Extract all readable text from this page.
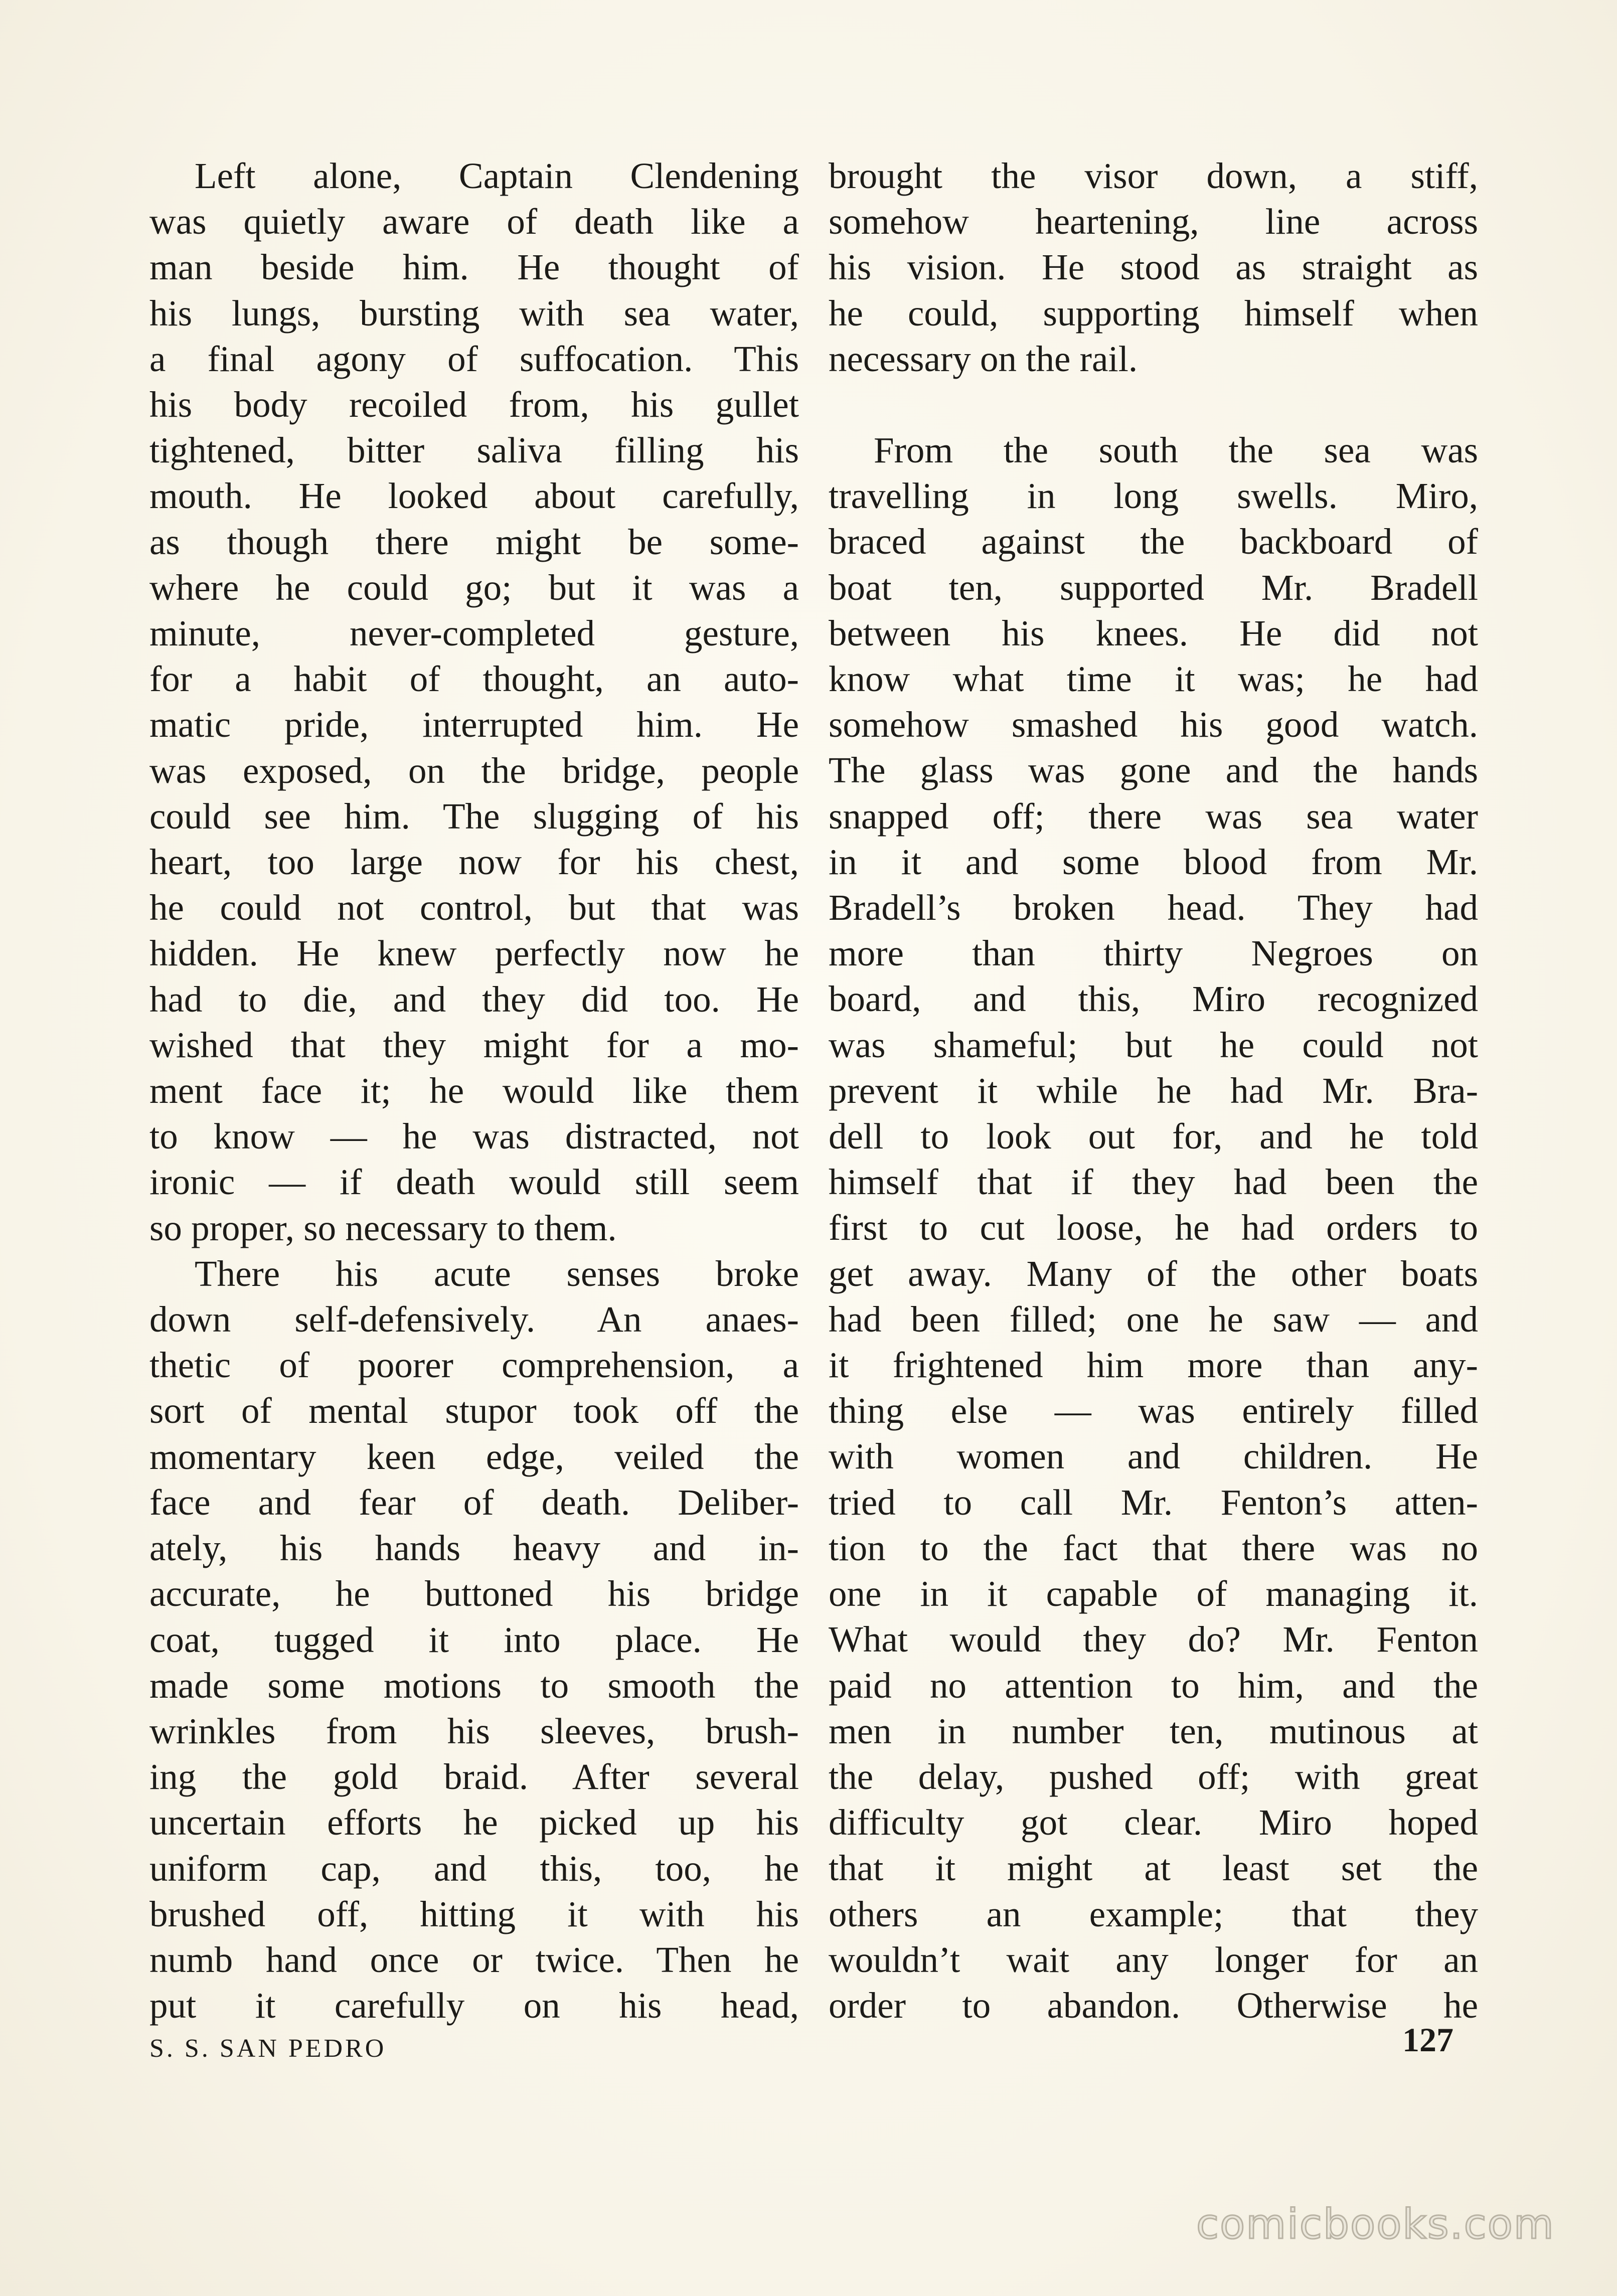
Left alone, Captain Clendening
was quietly aware of death like a
man beside him. He thought of
his lungs, bursting with sea water,
a final agony of suffocation. This
his body recoiled from, his gullet
tightened, bitter saliva filling his
mouth. He looked about carefully,
as though there might be some-
where he could go; but it was a
minute, never-completed gesture,
for a habit of thought, an auto-
matic pride, interrupted him. He
was exposed, on the bridge, people
could see him. The slugging of his
heart, too large now for his chest,
he could not control, but that was
hidden. He knew perfectly now he
had to die, and they did too. He
wished that they might for a mo-
ment face it; he would like them
to know — he was distracted, not
ironic — if death would still seem
so proper, so necessary to them.
There his acute senses broke
down self-defensively. An anaes-
thetic of poorer comprehension, a
sort of mental stupor took off the
momentary keen edge, veiled the
face and fear of death. Deliber-
ately, his hands heavy and in-
accurate, he buttoned his bridge
coat, tugged it into place. He
made some motions to smooth the
wrinkles from his sleeves, brush-
ing the gold braid. After several
uncertain efforts he picked up his
uniform cap, and this, too, he
brushed off, hitting it with his
numb hand once or twice. Then he
put it carefully on his head,

brought the visor down, a stiff,
somehow heartening, line across
his vision. He stood as straight as
he could, supporting himself when
necessary on the rail.

From the south the sea was
travelling in long swells. Miro,
braced against the backboard of
boat ten, supported Mr. Bradell
between his knees. He did not
know what time it was; he had
somehow smashed his good watch.
The glass was gone and the hands
snapped off; there was sea water
in it and some blood from Mr.
Bradell’s broken head. They had
more than thirty Negroes on
board, and this, Miro recognized
was shameful; but he could not
prevent it while he had Mr. Bra-
dell to look out for, and he told
himself that if they had been the
first to cut loose, he had orders to
get away. Many of the other boats
had been filled; one he saw — and
it frightened him more than any-
thing else — was entirely filled
with women and children. He
tried to call Mr. Fenton’s atten-
tion to the fact that there was no
one in it capable of managing it.
What would they do? Mr. Fenton
paid no attention to him, and the
men in number ten, mutinous at
the delay, pushed off; with great
difficulty got clear. Miro hoped
that it might at least set the
others an example; that they
wouldn’t wait any longer for an
order to abandon. Otherwise he

S. S. SAN PEDRO	127
comicbooks.com
